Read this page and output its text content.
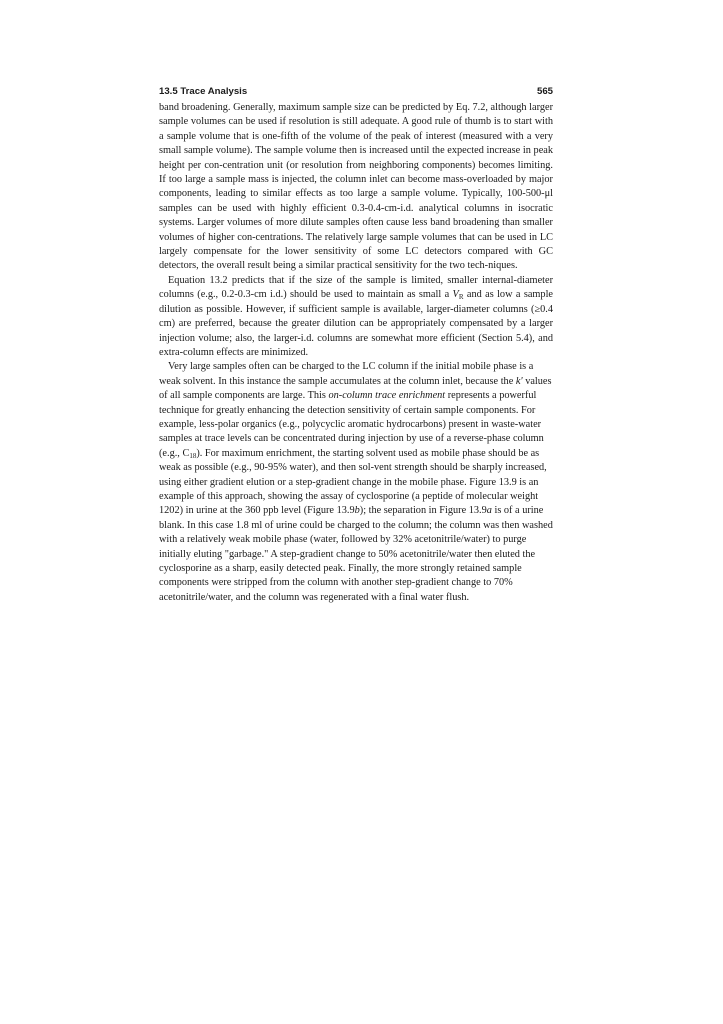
13.5 Trace Analysis	565

band broadening. Generally, maximum sample size can be predicted by Eq. 7.2, although larger sample volumes can be used if resolution is still adequate. A good rule of thumb is to start with a sample volume that is one-fifth of the volume of the peak of interest (measured with a very small sample volume). The sample volume then is increased until the expected increase in peak height per con-centration unit (or resolution from neighboring components) becomes limiting. If too large a sample mass is injected, the column inlet can become mass-overloaded by major components, leading to similar effects as too large a sample volume. Typically, 100-500-μl samples can be used with highly efficient 0.3-0.4-cm-i.d. analytical columns in isocratic systems. Larger volumes of more dilute samples often cause less band broadening than smaller volumes of higher con-centrations. The relatively large sample volumes that can be used in LC largely compensate for the lower sensitivity of some LC detectors compared with GC detectors, the overall result being a similar practical sensitivity for the two tech-niques.

Equation 13.2 predicts that if the size of the sample is limited, smaller internal-diameter columns (e.g., 0.2-0.3-cm i.d.) should be used to maintain as small a $V_R$ and as low a sample dilution as possible. However, if sufficient sample is available, larger-diameter columns (≥0.4 cm) are preferred, because the greater dilution can be appropriately compensated by a larger injection volume; also, the larger-i.d. columns are somewhat more efficient (Section 5.4), and extra-column effects are minimized.

Very large samples often can be charged to the LC column if the initial mobile phase is a weak solvent. In this instance the sample accumulates at the column inlet, because the k' values of all sample components are large. This on-column trace enrichment represents a powerful technique for greatly enhancing the detection sensitivity of certain sample components. For example, less-polar organics (e.g., polycyclic aromatic hydrocarbons) present in waste-water samples at trace levels can be concentrated during injection by use of a reverse-phase column (e.g., $C_{18}$). For maximum enrichment, the starting solvent used as mobile phase should be as weak as possible (e.g., 90-95% water), and then sol-vent strength should be sharply increased, using either gradient elution or a step-gradient change in the mobile phase. Figure 13.9 is an example of this approach, showing the assay of cyclosporine (a peptide of molecular weight 1202) in urine at the 360 ppb level (Figure 13.9b); the separation in Figure 13.9a is of a urine blank. In this case 1.8 ml of urine could be charged to the column; the column was then washed with a relatively weak mobile phase (water, followed by 32% acetonitrile/water) to purge initially eluting "garbage." A step-gradient change to 50% acetonitrile/water then eluted the cyclosporine as a sharp, easily detected peak. Finally, the more strongly retained sample components were stripped from the column with another step-gradient change to 70% acetonitrile/water, and the column was regenerated with a final water flush.
